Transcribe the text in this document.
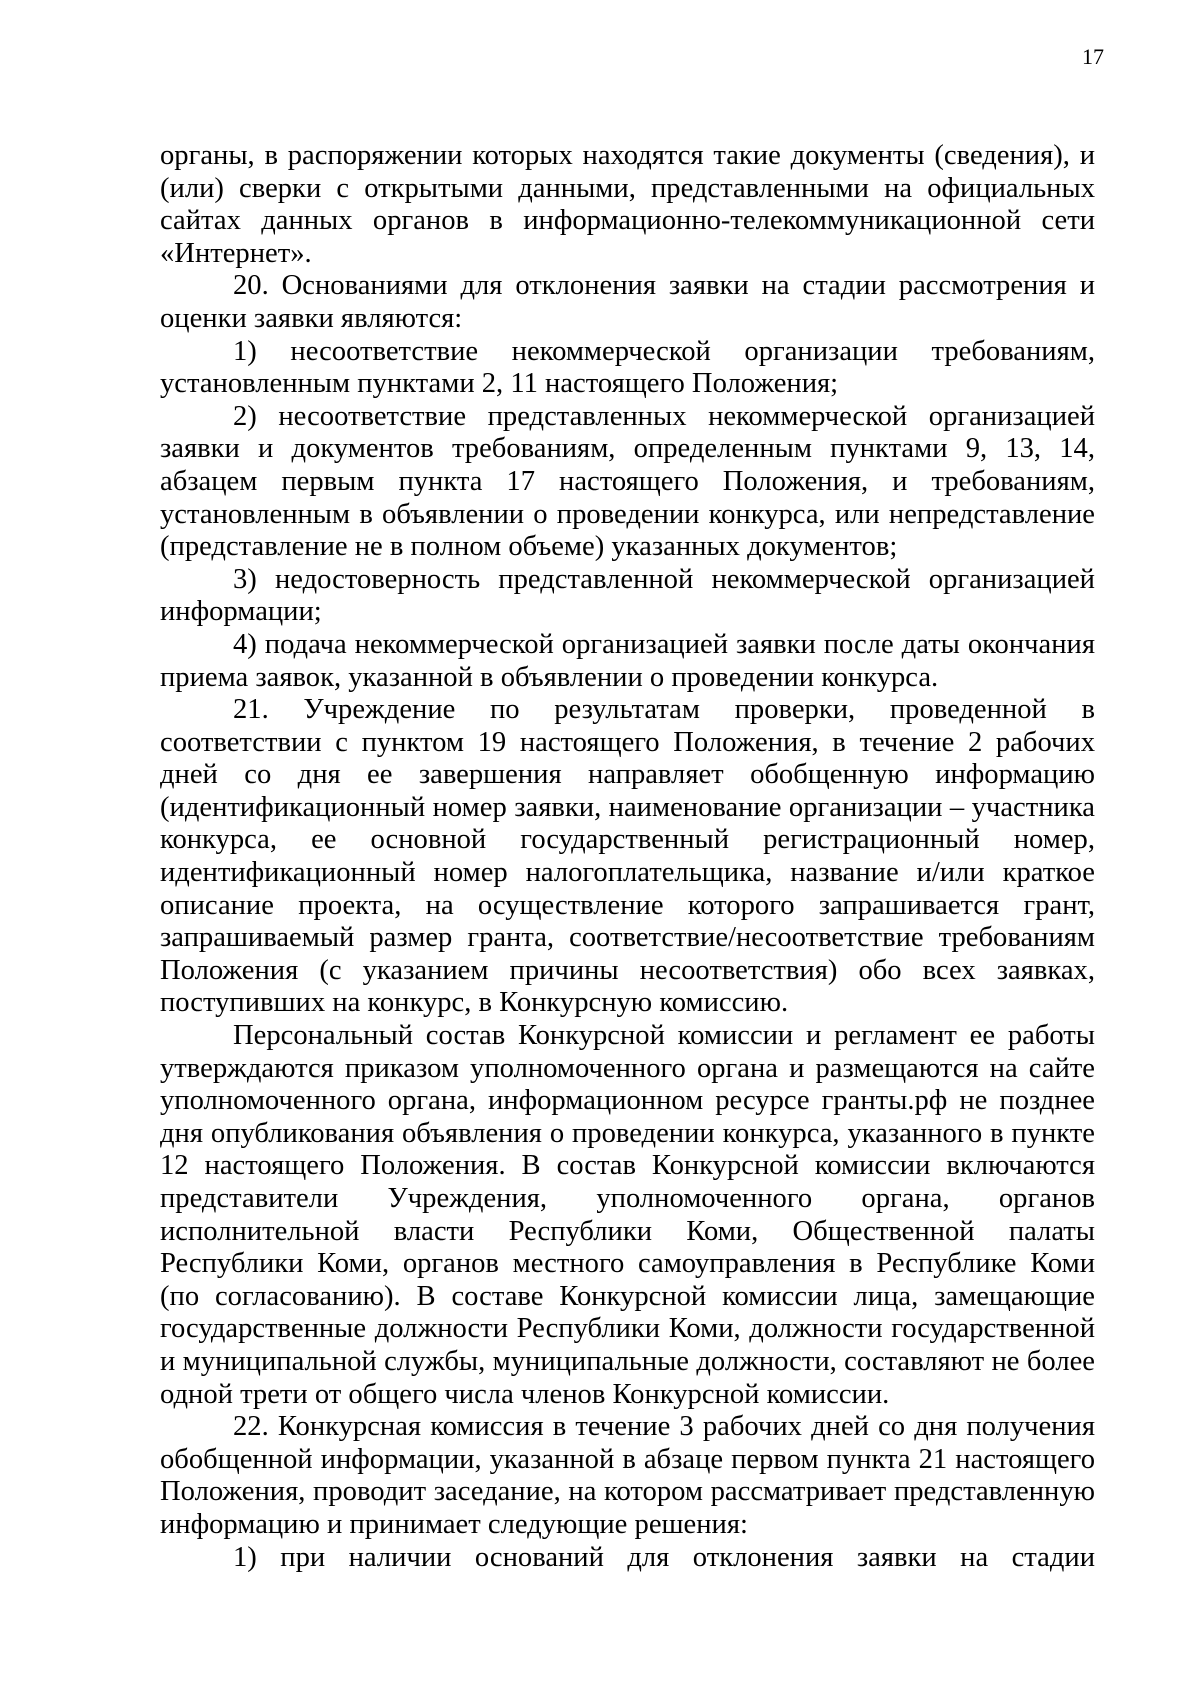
17

органы, в распоряжении которых находятся такие документы (сведения), и (или) сверки с открытыми данными, представленными на официальных сайтах данных органов в информационно-телекоммуникационной сети «Интернет».

20. Основаниями для отклонения заявки на стадии рассмотрения и оценки заявки являются:

1) несоответствие некоммерческой организации требованиям, установленным пунктами 2, 11 настоящего Положения;

2) несоответствие представленных некоммерческой организацией заявки и документов требованиям, определенным пунктами 9, 13, 14, абзацем первым пункта 17 настоящего Положения, и требованиям, установленным в объявлении о проведении конкурса, или непредставление (представление не в полном объеме) указанных документов;

3) недостоверность представленной некоммерческой организацией информации;

4) подача некоммерческой организацией заявки после даты окончания приема заявок, указанной в объявлении о проведении конкурса.

21. Учреждение по результатам проверки, проведенной в соответствии с пунктом 19 настоящего Положения, в течение 2 рабочих дней со дня ее завершения направляет обобщенную информацию (идентификационный номер заявки, наименование организации – участника конкурса, ее основной государственный регистрационный номер, идентификационный номер налогоплательщика, название и/или краткое описание проекта, на осуществление которого запрашивается грант, запрашиваемый размер гранта, соответствие/несоответствие требованиям Положения (с указанием причины несоответствия) обо всех заявках, поступивших на конкурс, в Конкурсную комиссию.

Персональный состав Конкурсной комиссии и регламент ее работы утверждаются приказом уполномоченного органа и размещаются на сайте уполномоченного органа, информационном ресурсе гранты.рф не позднее дня опубликования объявления о проведении конкурса, указанного в пункте 12 настоящего Положения. В состав Конкурсной комиссии включаются представители Учреждения, уполномоченного органа, органов исполнительной власти Республики Коми, Общественной палаты Республики Коми, органов местного самоуправления в Республике Коми (по согласованию). В составе Конкурсной комиссии лица, замещающие государственные должности Республики Коми, должности государственной и муниципальной службы, муниципальные должности, составляют не более одной трети от общего числа членов Конкурсной комиссии.

22. Конкурсная комиссия в течение 3 рабочих дней со дня получения обобщенной информации, указанной в абзаце первом пункта 21 настоящего Положения, проводит заседание, на котором рассматривает представленную информацию и принимает следующие решения:

1) при наличии оснований для отклонения заявки на стадии
